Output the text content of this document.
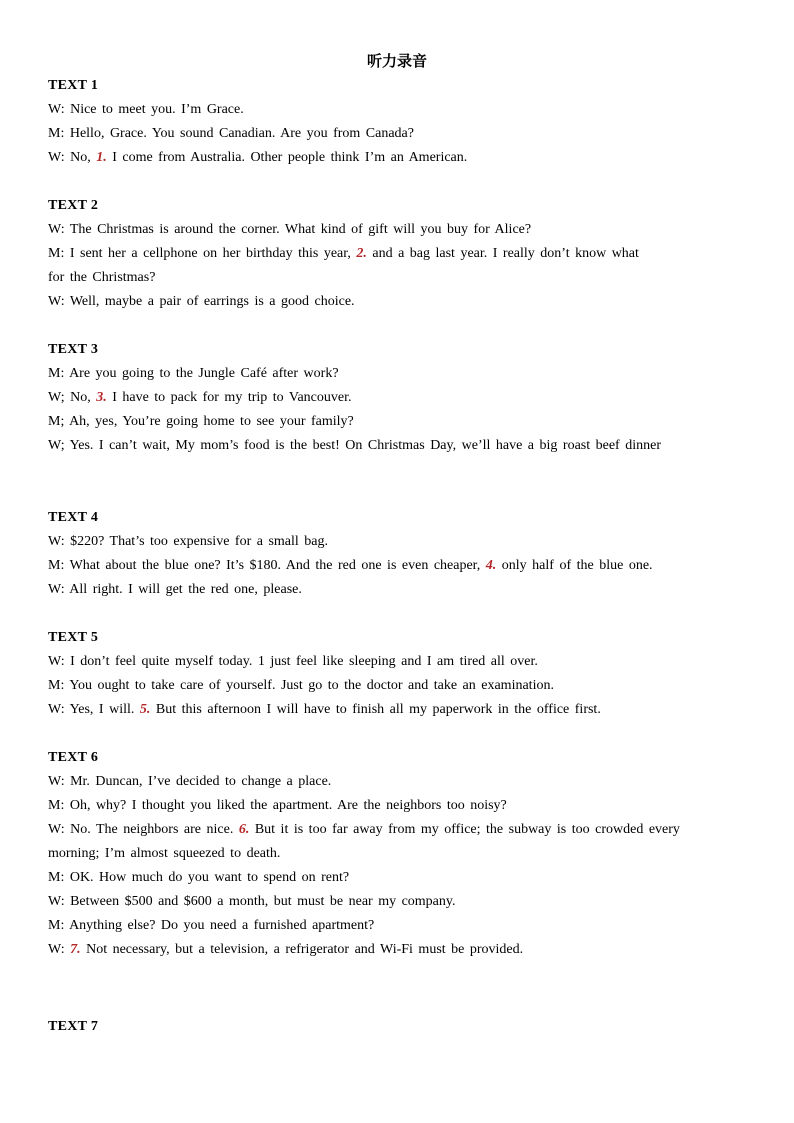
听力录音
TEXT 1
W: Nice to meet you. I’m Grace.
M: Hello, Grace. You sound Canadian. Are you from Canada?
W: No, 1. I come from Australia. Other people think I’m an American.
TEXT 2
W: The Christmas is around the corner. What kind of gift will you buy for Alice?
M: I sent her a cellphone on her birthday this year, 2. and a bag last year. I really don’t know what
for the Christmas?
W: Well, maybe a pair of earrings is a good choice.
TEXT 3
M: Are you going to the Jungle Café after work?
W; No, 3. I have to pack for my trip to Vancouver.
M; Ah, yes, You’re going home to see your family?
W; Yes. I can’t wait, My mom’s food is the best! On Christmas Day, we’ll have a big roast beef dinner
TEXT 4
W: $220? That’s too expensive for a small bag.
M: What about the blue one? It’s $180. And the red one is even cheaper, 4. only half of the blue one.
W: All right. I will get the red one, please.
TEXT 5
W: I don’t feel quite myself today. 1 just feel like sleeping and I am tired all over.
M: You ought to take care of yourself. Just go to the doctor and take an examination.
W: Yes, I will. 5. But this afternoon I will have to finish all my paperwork in the office first.
TEXT 6
W: Mr. Duncan, I’ve decided to change a place.
M: Oh, why? I thought you liked the apartment. Are the neighbors too noisy?
W: No. The neighbors are nice. 6. But it is too far away from my office; the subway is too crowded every
morning; I’m almost squeezed to death.
M: OK. How much do you want to spend on rent?
W: Between $500 and $600 a month, but must be near my company.
M: Anything else? Do you need a furnished apartment?
W: 7. Not necessary, but a television, a refrigerator and Wi-Fi must be provided.
TEXT 7
